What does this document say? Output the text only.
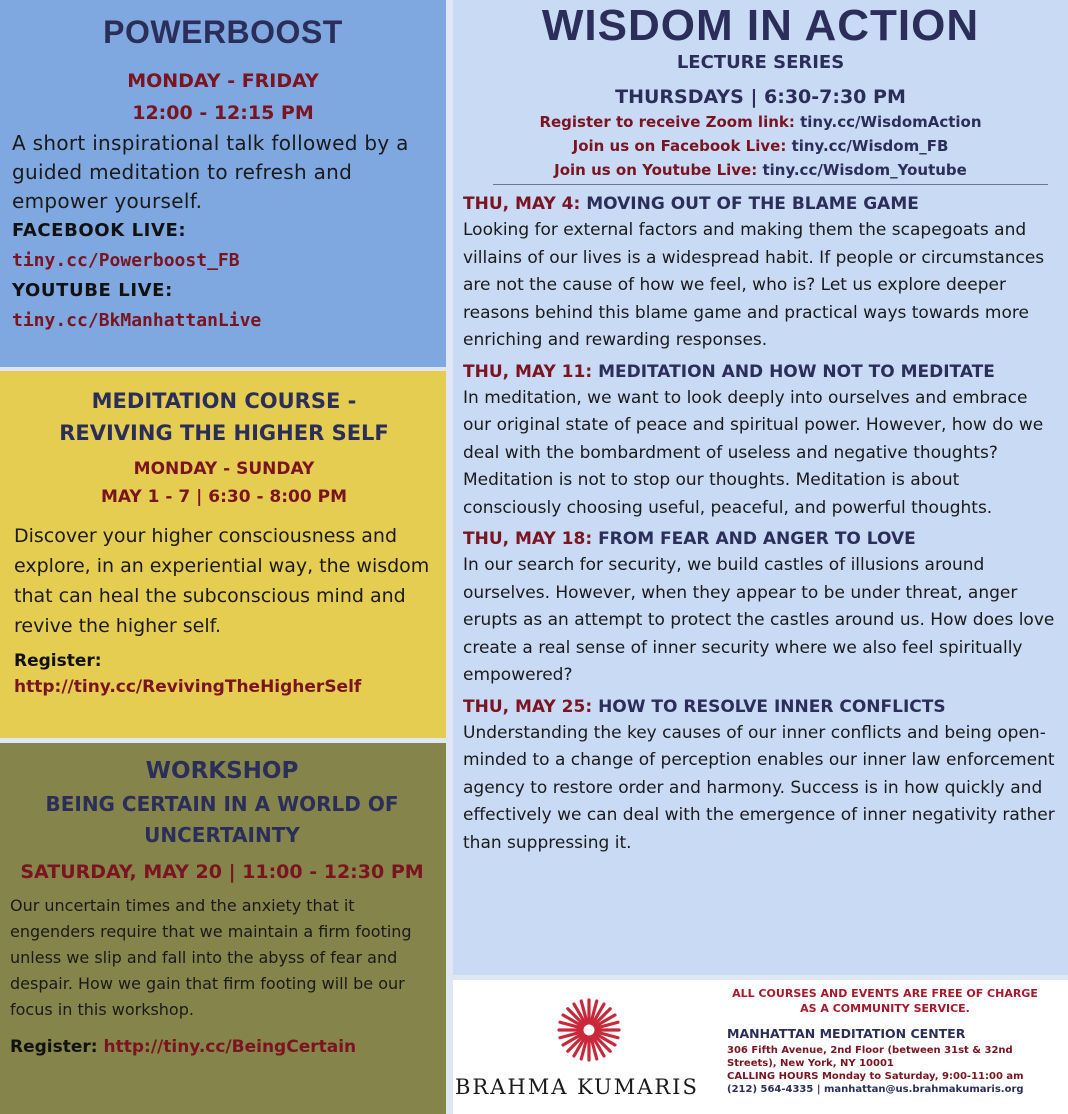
POWERBOOST
MONDAY - FRIDAY
12:00 - 12:15 PM
A short inspirational talk followed by a guided meditation to refresh and empower yourself.
FACEBOOK LIVE:
tiny.cc/Powerboost_FB
YOUTUBE LIVE:
tiny.cc/BkManhattanLive
MEDITATION COURSE -
REVIVING THE HIGHER SELF
MONDAY - SUNDAY
MAY 1 - 7 | 6:30 - 8:00 PM
Discover your higher consciousness and explore, in an experiential way, the wisdom that can heal the subconscious mind and revive the higher self.
Register:
http://tiny.cc/RevivingTheHigherSelf
WORKSHOP
BEING CERTAIN IN A WORLD OF
UNCERTAINTY
SATURDAY, MAY 20 | 11:00 - 12:30 PM
Our uncertain times and the anxiety that it engenders require that we maintain a firm footing unless we slip and fall into the abyss of fear and despair. How we gain that firm footing will be our focus in this workshop.
Register: http://tiny.cc/BeingCertain
WISDOM IN ACTION
LECTURE SERIES
THURSDAYS | 6:30-7:30 PM
Register to receive Zoom link: tiny.cc/WisdomAction
Join us on Facebook Live: tiny.cc/Wisdom_FB
Join us on Youtube Live: tiny.cc/Wisdom_Youtube
THU, MAY 4: MOVING OUT OF THE BLAME GAME
Looking for external factors and making them the scapegoats and villains of our lives is a widespread habit. If people or circumstances are not the cause of how we feel, who is? Let us explore deeper reasons behind this blame game and practical ways towards more enriching and rewarding responses.
THU, MAY 11: MEDITATION AND HOW NOT TO MEDITATE
In meditation, we want to look deeply into ourselves and embrace our original state of peace and spiritual power. However, how do we deal with the bombardment of useless and negative thoughts? Meditation is not to stop our thoughts. Meditation is about consciously choosing useful, peaceful, and powerful thoughts.
THU, MAY 18: FROM FEAR AND ANGER TO LOVE
In our search for security, we build castles of illusions around ourselves. However, when they appear to be under threat, anger erupts as an attempt to protect the castles around us. How does love create a real sense of inner security where we also feel spiritually empowered?
THU, MAY 25: HOW TO RESOLVE INNER CONFLICTS
Understanding the key causes of our inner conflicts and being open-minded to a change of perception enables our inner law enforcement agency to restore order and harmony. Success is in how quickly and effectively we can deal with the emergence of inner negativity rather than suppressing it.
BRAHMA KUMARIS
ALL COURSES AND EVENTS ARE FREE OF CHARGE
AS A COMMUNITY SERVICE.
MANHATTAN MEDITATION CENTER
306 Fifth Avenue, 2nd Floor (between 31st & 32nd
Streets), New York, NY 10001
CALLING HOURS Monday to Saturday, 9:00-11:00 am
(212) 564-4335 | manhattan@us.brahmakumaris.org
